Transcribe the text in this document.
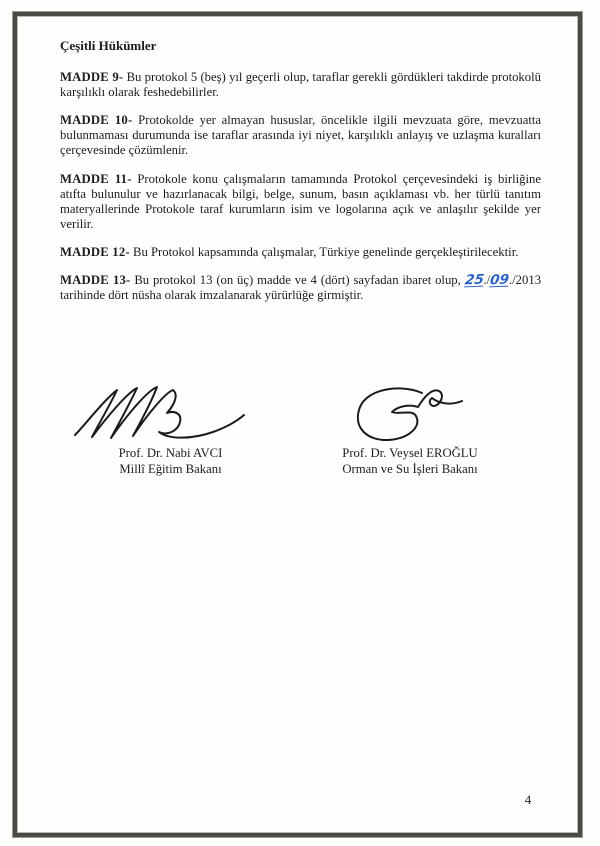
Çeşitli Hükümler

MADDE 9- Bu protokol 5 (beş) yıl geçerli olup, taraflar gerekli gördükleri takdirde protokolü karşılıklı olarak feshedebilirler.

MADDE 10- Protokolde yer almayan hususlar, öncelikle ilgili mevzuata göre, mevzuatta bulunmaması durumunda ise taraflar arasında iyi niyet, karşılıklı anlayış ve uzlaşma kuralları çerçevesinde çözümlenir.

MADDE 11- Protokole konu çalışmaların tamamında Protokol çerçevesindeki iş birliğine atıfta bulunulur ve hazırlanacak bilgi, belge, sunum, basın açıklaması vb. her türlü tanıtım materyallerinde Protokole taraf kurumların isim ve logolarına açık ve anlaşılır şekilde yer verilir.

MADDE 12- Bu Protokol kapsamında çalışmalar, Türkiye genelinde gerçekleştirilecektir.

MADDE 13- Bu protokol 13 (on üç) madde ve 4 (dört) sayfadan ibaret olup, 25./09./2013 tarihinde dört nüsha olarak imzalanarak yürürlüğe girmiştir.

Prof. Dr. Nabi AVCI
Millî Eğitim Bakanı
Prof. Dr. Veysel EROĞLU
Orman ve Su İşleri Bakanı
4
